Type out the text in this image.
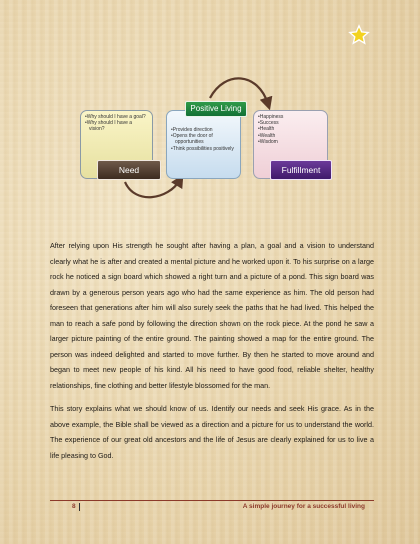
• Why should I have a goal?
• Why should I have a vision?
•	Provides direction
• Opens the door of opportunities
• Think possibilities positively
• Happiness
• Success
• Health
• Wealth
• Wisdom
Need
Positive Living
Fulfillment

After relying upon His strength he sought after having a plan, a goal and a vision to understand clearly what he is after and created a mental picture and he worked upon it. To his surprise on a large rock he noticed a sign board which showed a right turn and a picture of a pond. This sign board was drawn by a generous person years ago who had the same experience as him. The old person had foreseen that generations after him will also surely seek the paths that he had lived. This helped the man to reach a safe pond by following the direction shown on the rock piece. At the pond he saw a larger picture painting of the entire ground. The painting showed a map for the entire ground. The person was indeed delighted and started to move further. By then he started to move around and began to meet new people of his kind. All his need to have good food, reliable shelter, healthy relationships, fine clothing and better lifestyle blossomed for the man.

This story explains what we should know of us. Identify our needs and seek His grace. As in the above example, the Bible shall be viewed as a direction and a picture for us to understand the world. The experience of our great old ancestors and the life of Jesus are clearly explained for us to live a life pleasing to God.

8	A simple journey for a successful living
